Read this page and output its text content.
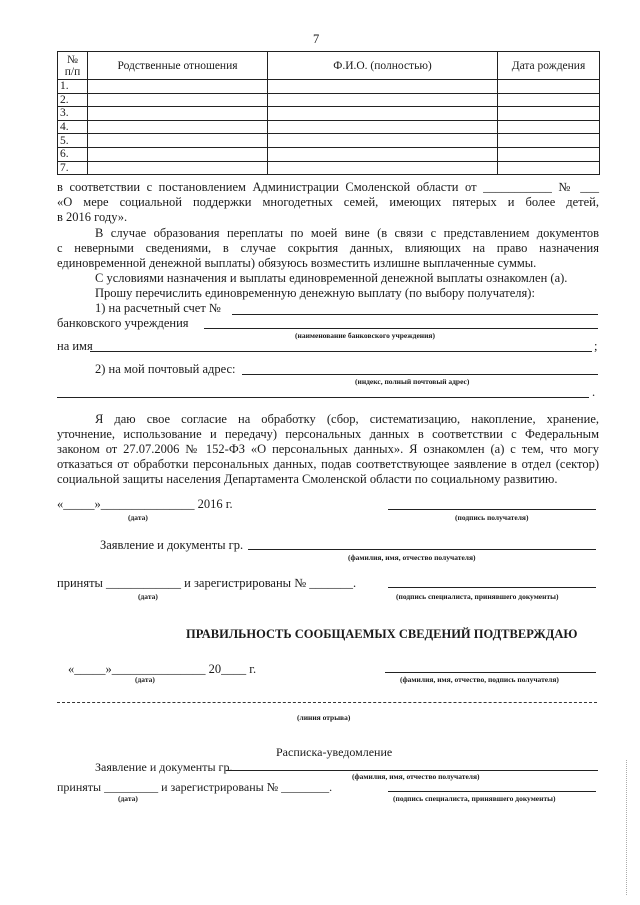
7
№
п/п	Родственные отношения	Ф.И.О. (полностью)	Дата рождения
1.			
2.			
3.			
4.			
5.			
6.			
7.			
в соответствии с постановлением Администрации Смоленской области от ___________ № ___
«О мере социальной поддержки многодетных семей, имеющих пятерых и более детей,
в 2016 году».
В случае образования переплаты по моей вине (в связи с представлением документов
с неверными сведениями, в случае сокрытия данных, влияющих на право назначения
единовременной денежной выплаты) обязуюсь возместить излишне выплаченные суммы.
С условиями назначения и выплаты единовременной денежной выплаты ознакомлен (а).
Прошу перечислить единовременную денежную выплату (по выбору получателя):
1) на расчетный счет №
банковского учреждения
(наименование банковского учреждения)
на имя	;
2) на мой почтовый адрес:
(индекс, полный почтовый адрес)
.
Я даю свое согласие на обработку (сбор, систематизацию, накопление, хранение,
уточнение, использование и передачу) персональных данных в соответствии с Федеральным
законом от 27.07.2006 № 152-ФЗ «О персональных данных». Я ознакомлен (а) с тем, что могу
отказаться от обработки персональных данных, подав соответствующее заявление в отдел (сектор)
социальной защиты населения Департамента Смоленской области по социальному развитию.
«_____»_______________ 2016 г.
(дата)	(подпись получателя)
Заявление и документы гр.
(фамилия, имя, отчество получателя)
приняты ____________ и зарегистрированы № _______.
(дата)	(подпись специалиста, принявшего документы)
ПРАВИЛЬНОСТЬ СООБЩАЕМЫХ СВЕДЕНИЙ ПОДТВЕРЖДАЮ
«_____»_______________ 20____ г.
(дата)	(фамилия, имя, отчество, подпись получателя)
(линия отрыва)
Расписка-уведомление
Заявление и документы гр.
(фамилия, имя, отчество получателя)
приняты _________ и зарегистрированы № ________.
(дата)	(подпись специалиста, принявшего документы)
